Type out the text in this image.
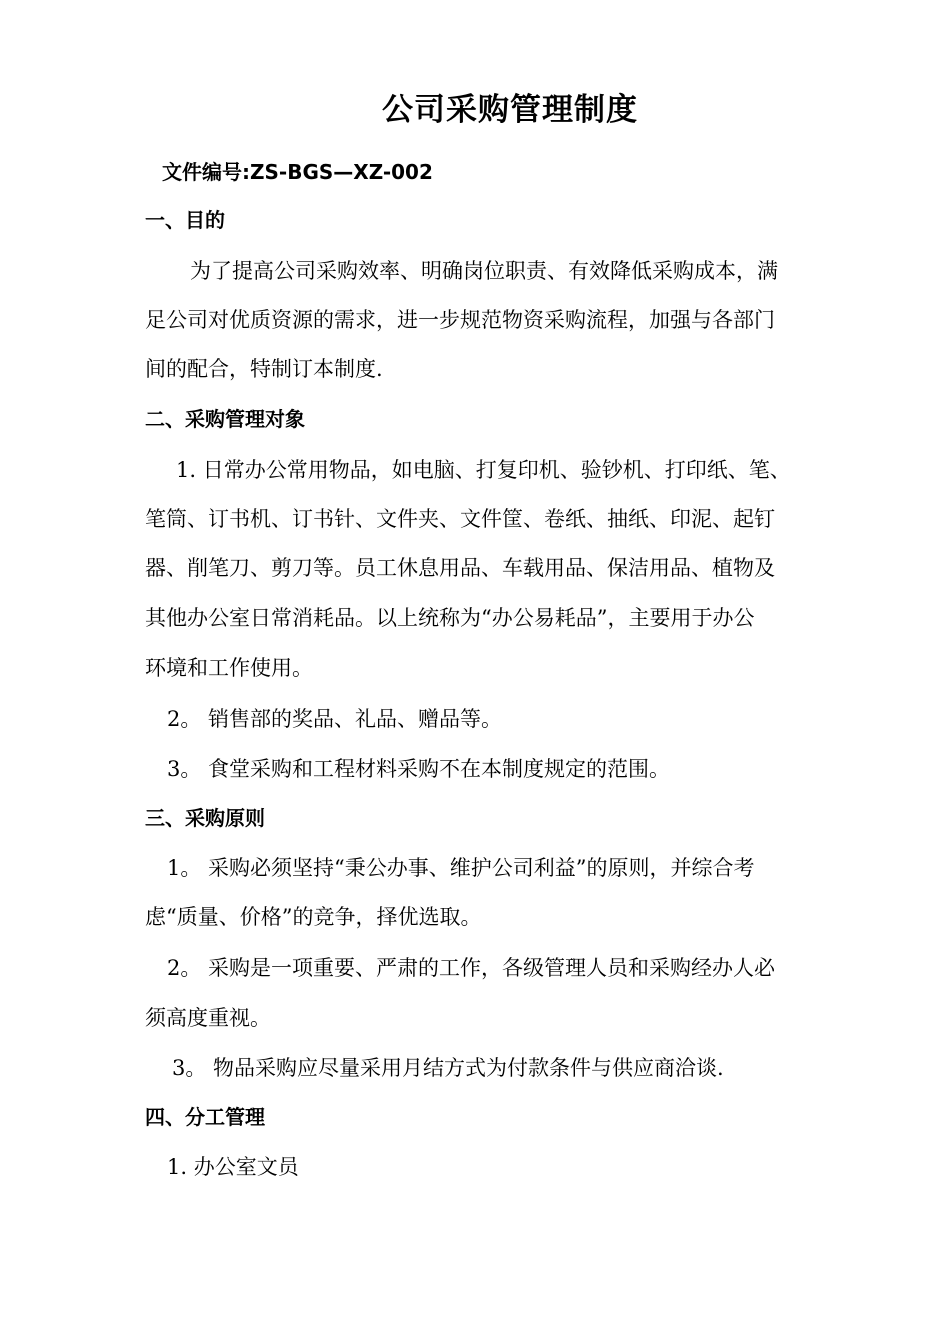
公司采购管理制度
文件编号:ZS-BGS—XZ-002
一、目的
为了提高公司采购效率、明确岗位职责、有效降低采购成本，满
足公司对优质资源的需求，进一步规范物资采购流程，加强与各部门
间的配合，特制订本制度.
二、采购管理对象
1. 日常办公常用物品，如电脑、打复印机、验钞机、打印纸、笔、
笔筒、订书机、订书针、文件夹、文件筐、卷纸、抽纸、印泥、起钉
器、削笔刀、剪刀等。员工休息用品、车载用品、保洁用品、植物及
其他办公室日常消耗品。以上统称为“办公易耗品”，主要用于办公
环境和工作使用。
2。 销售部的奖品、礼品、赠品等。
3。 食堂采购和工程材料采购不在本制度规定的范围。
三、采购原则
1。 采购必须坚持“秉公办事、维护公司利益”的原则，并综合考
虑“质量、价格”的竞争，择优选取。
2。 采购是一项重要、严肃的工作，各级管理人员和采购经办人必
须高度重视。
3。 物品采购应尽量采用月结方式为付款条件与供应商洽谈.
四、分工管理
1. 办公室文员
